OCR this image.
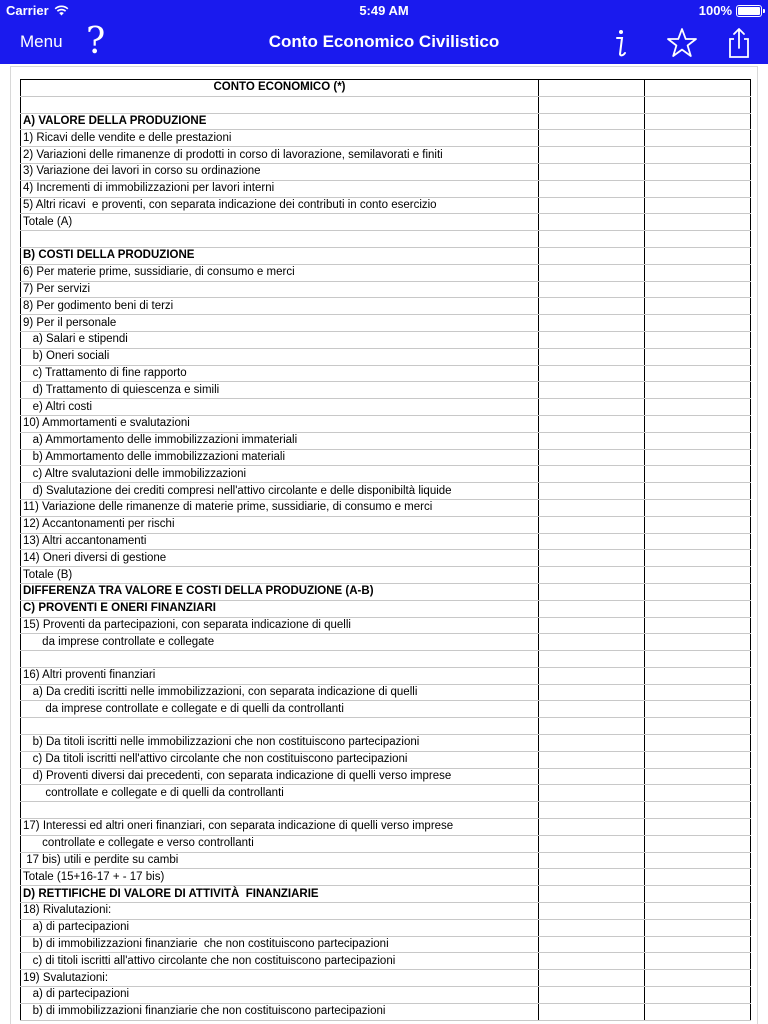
Carrier	5:49 AM	100%
Menu ?	Conto Economico Civilistico
CONTO ECONOMICO (*)		

A) VALORE DELLA PRODUZIONE		
1) Ricavi delle vendite e delle prestazioni		
2) Variazioni delle rimanenze di prodotti in corso di lavorazione, semilavorati e finiti		
3) Variazione dei lavori in corso su ordinazione		
4) Incrementi di immobilizzazioni per lavori interni		
5) Altri ricavi  e proventi, con separata indicazione dei contributi in conto esercizio		
Totale (A)		

B) COSTI DELLA PRODUZIONE		
6) Per materie prime, sussidiarie, di consumo e merci		
7) Per servizi		
8) Per godimento beni di terzi		
9) Per il personale		
a) Salari e stipendi		
b) Oneri sociali		
c) Trattamento di fine rapporto		
d) Trattamento di quiescenza e simili		
e) Altri costi		
10) Ammortamenti e svalutazioni		
a) Ammortamento delle immobilizzazioni immateriali		
b) Ammortamento delle immobilizzazioni materiali		
c) Altre svalutazioni delle immobilizzazioni		
d) Svalutazione dei crediti compresi nell'attivo circolante e delle disponibiltà liquide		
11) Variazione delle rimanenze di materie prime, sussidiarie, di consumo e merci		
12) Accantonamenti per rischi		
13) Altri accantonamenti		
14) Oneri diversi di gestione		
Totale (B)		
DIFFERENZA TRA VALORE E COSTI DELLA PRODUZIONE (A-B)		
C) PROVENTI E ONERI FINANZIARI		
15) Proventi da partecipazioni, con separata indicazione di quelli		
da imprese controllate e collegate		

16) Altri proventi finanziari		
a) Da crediti iscritti nelle immobilizzazioni, con separata indicazione di quelli		
da imprese controllate e collegate e di quelli da controllanti		

b) Da titoli iscritti nelle immobilizzazioni che non costituiscono partecipazioni		
c) Da titoli iscritti nell'attivo circolante che non costituiscono partecipazioni		
d) Proventi diversi dai precedenti, con separata indicazione di quelli verso imprese		
controllate e collegate e di quelli da controllanti		

17) Interessi ed altri oneri finanziari, con separata indicazione di quelli verso imprese		
controllate e collegate e verso controllanti		
17 bis) utili e perdite su cambi		
Totale (15+16-17 + - 17 bis)		
D) RETTIFICHE DI VALORE DI ATTIVITÀ  FINANZIARIE		
18) Rivalutazioni:		
a) di partecipazioni		
b) di immobilizzazioni finanziarie  che non costituiscono partecipazioni		
c) di titoli iscritti all'attivo circolante che non costituiscono partecipazioni		
19) Svalutazioni:		
a) di partecipazioni		
b) di immobilizzazioni finanziarie che non costituiscono partecipazioni		
